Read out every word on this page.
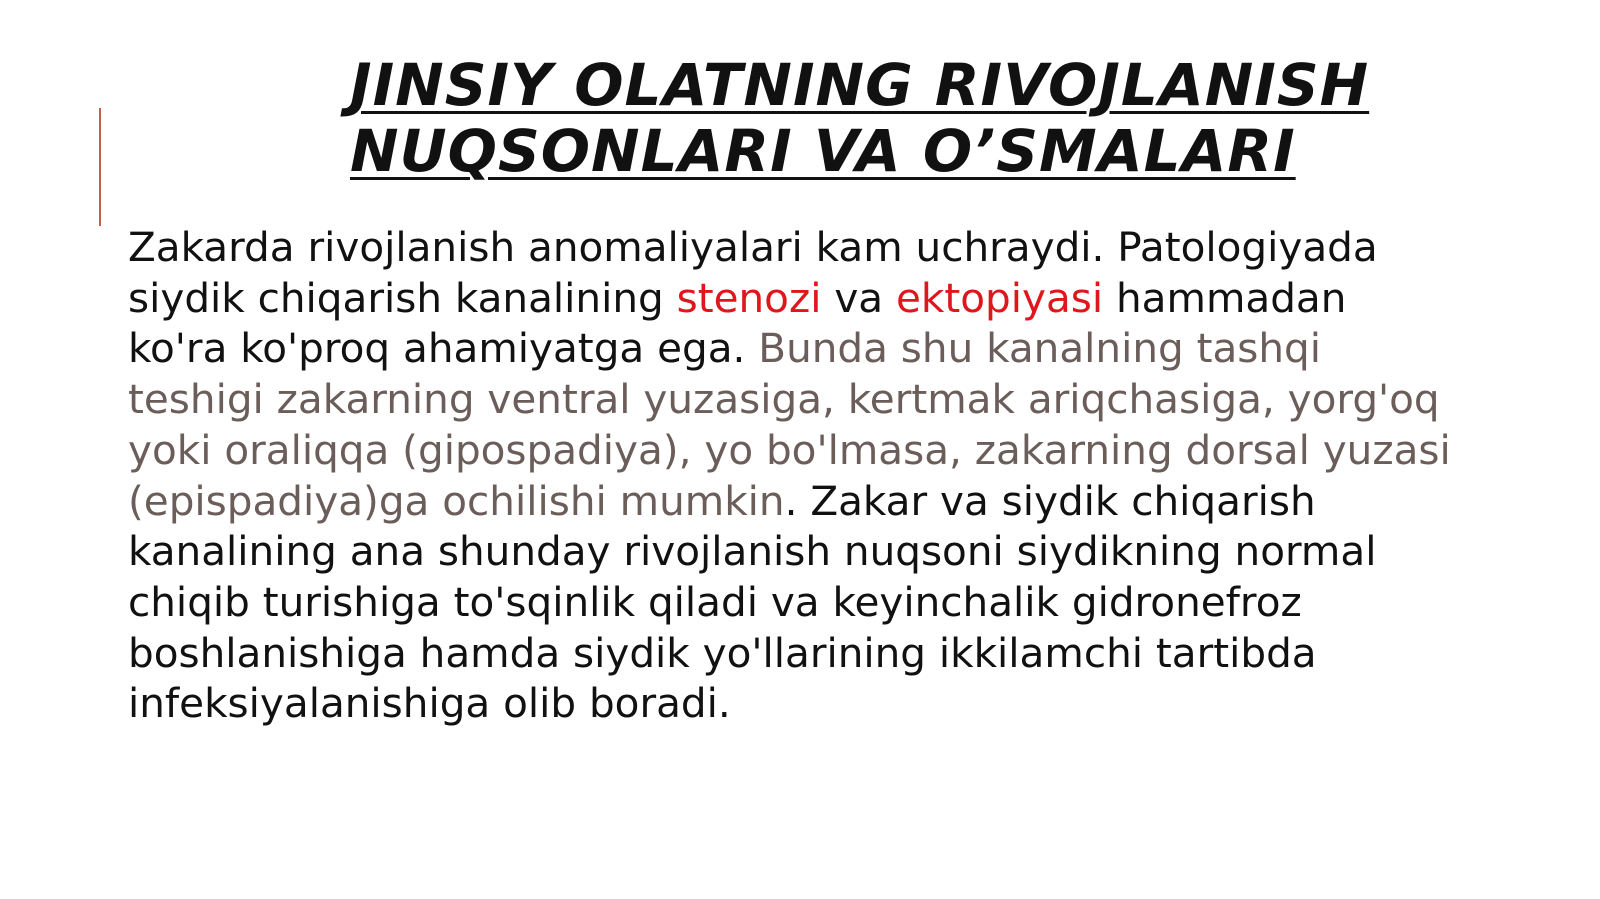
JINSIY OLATNING RIVOJLANISH
NUQSONLARI VA O’SMALARI

Zakarda rivojlanish anomaliyalari kam uchraydi. Patologiyada
siydik chiqarish kanalining stenozi va ektopiyasi hammadan
ko'ra ko'proq ahamiyatga ega. Bunda shu kanalning tashqi
teshigi zakarning ventral yuzasiga, kertmak ariqchasiga, yorg'oq
yoki oraliqqa (gipospadiya), yo bo'lmasa, zakarning dorsal yuzasi
(epispadiya)ga ochilishi mumkin. Zakar va siydik chiqarish
kanalining ana shunday rivojlanish nuqsoni siydikning normal
chiqib turishiga to'sqinlik qiladi va keyinchalik gidronefroz
boshlanishiga hamda siydik yo'llarining ikkilamchi tartibda
infeksiyalanishiga olib boradi.
